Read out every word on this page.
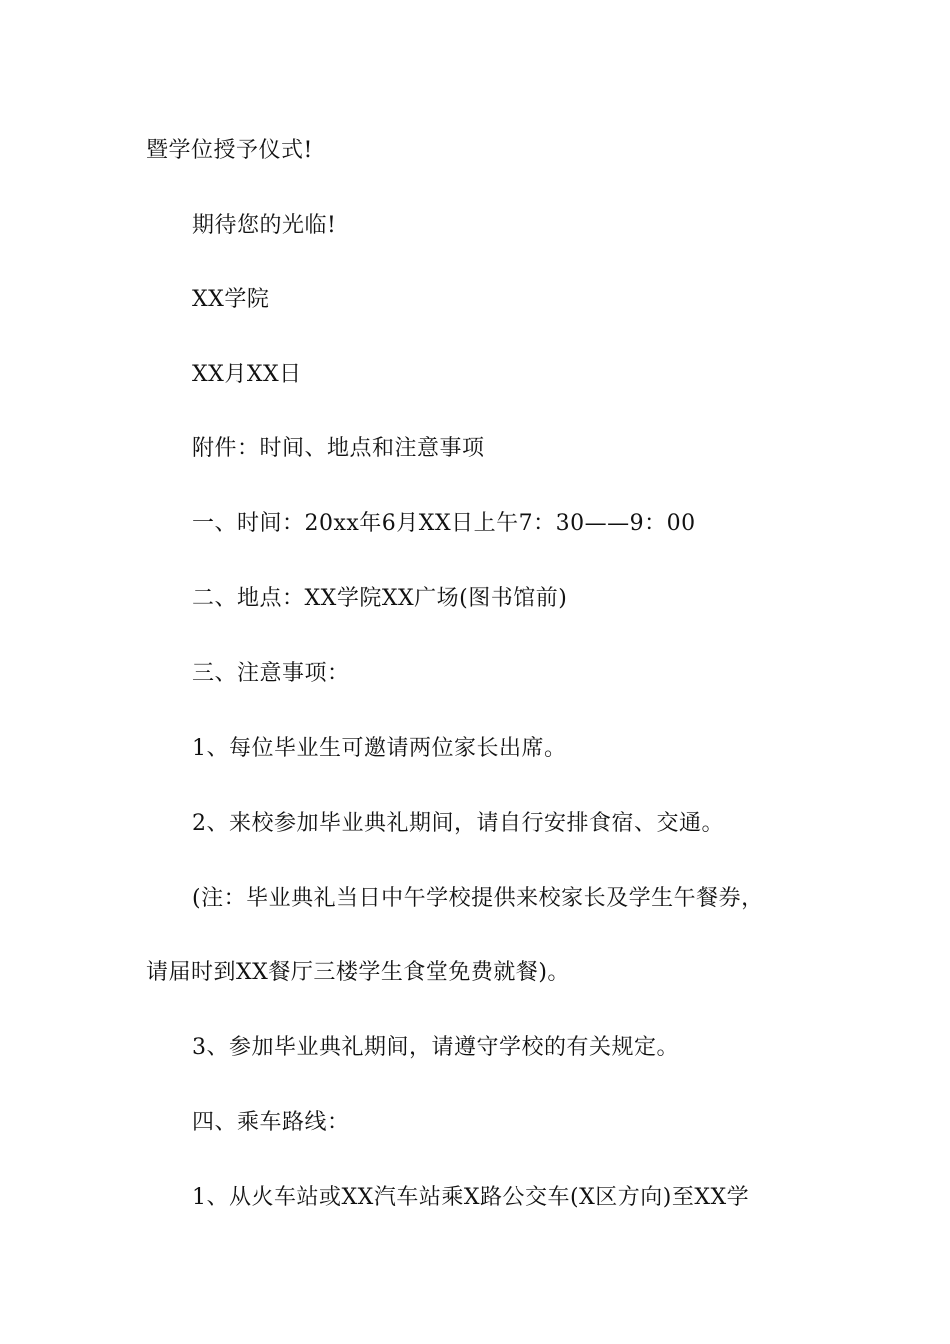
暨学位授予仪式!
期待您的光临!
XX学院
XX月XX日
附件：时间、地点和注意事项
一、时间：20xx年6月XX日上午7：30——9：00
二、地点：XX学院XX广场(图书馆前)
三、注意事项：
1、每位毕业生可邀请两位家长出席。
2、来校参加毕业典礼期间，请自行安排食宿、交通。
(注：毕业典礼当日中午学校提供来校家长及学生午餐券，
请届时到XX餐厅三楼学生食堂免费就餐)。
3、参加毕业典礼期间，请遵守学校的有关规定。
四、乘车路线：
1、从火车站或XX汽车站乘X路公交车(X区方向)至XX学
